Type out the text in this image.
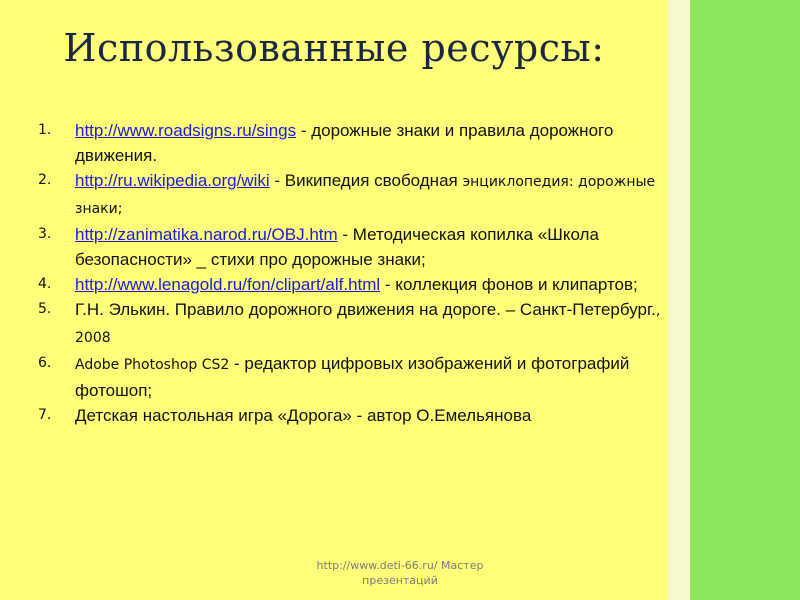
Использованные ресурсы:
1.	http://www.roadsigns.ru/sings - дорожные знаки и правила дорожного движения.
2.	http://ru.wikipedia.org/wiki - Википедия свободная энциклопедия: дорожные знаки;
3.	http://zanimatika.narod.ru/OBJ.htm - Методическая копилка «Школа безопасности» _ стихи про дорожные знаки;
4.	http://www.lenagold.ru/fon/clipart/alf.html - коллекция фонов и клипартов;
5.	Г.Н. Элькин. Правило дорожного движения на дороге. – Санкт-Петербург., 2008
6.	Adobe Photoshop CS2 - редактор цифровых изображений и фотографий фотошоп;
7.	Детская настольная игра «Дорога» - автор О.Емельянова
http://www.deti-66.ru/ Мастер презентаций
